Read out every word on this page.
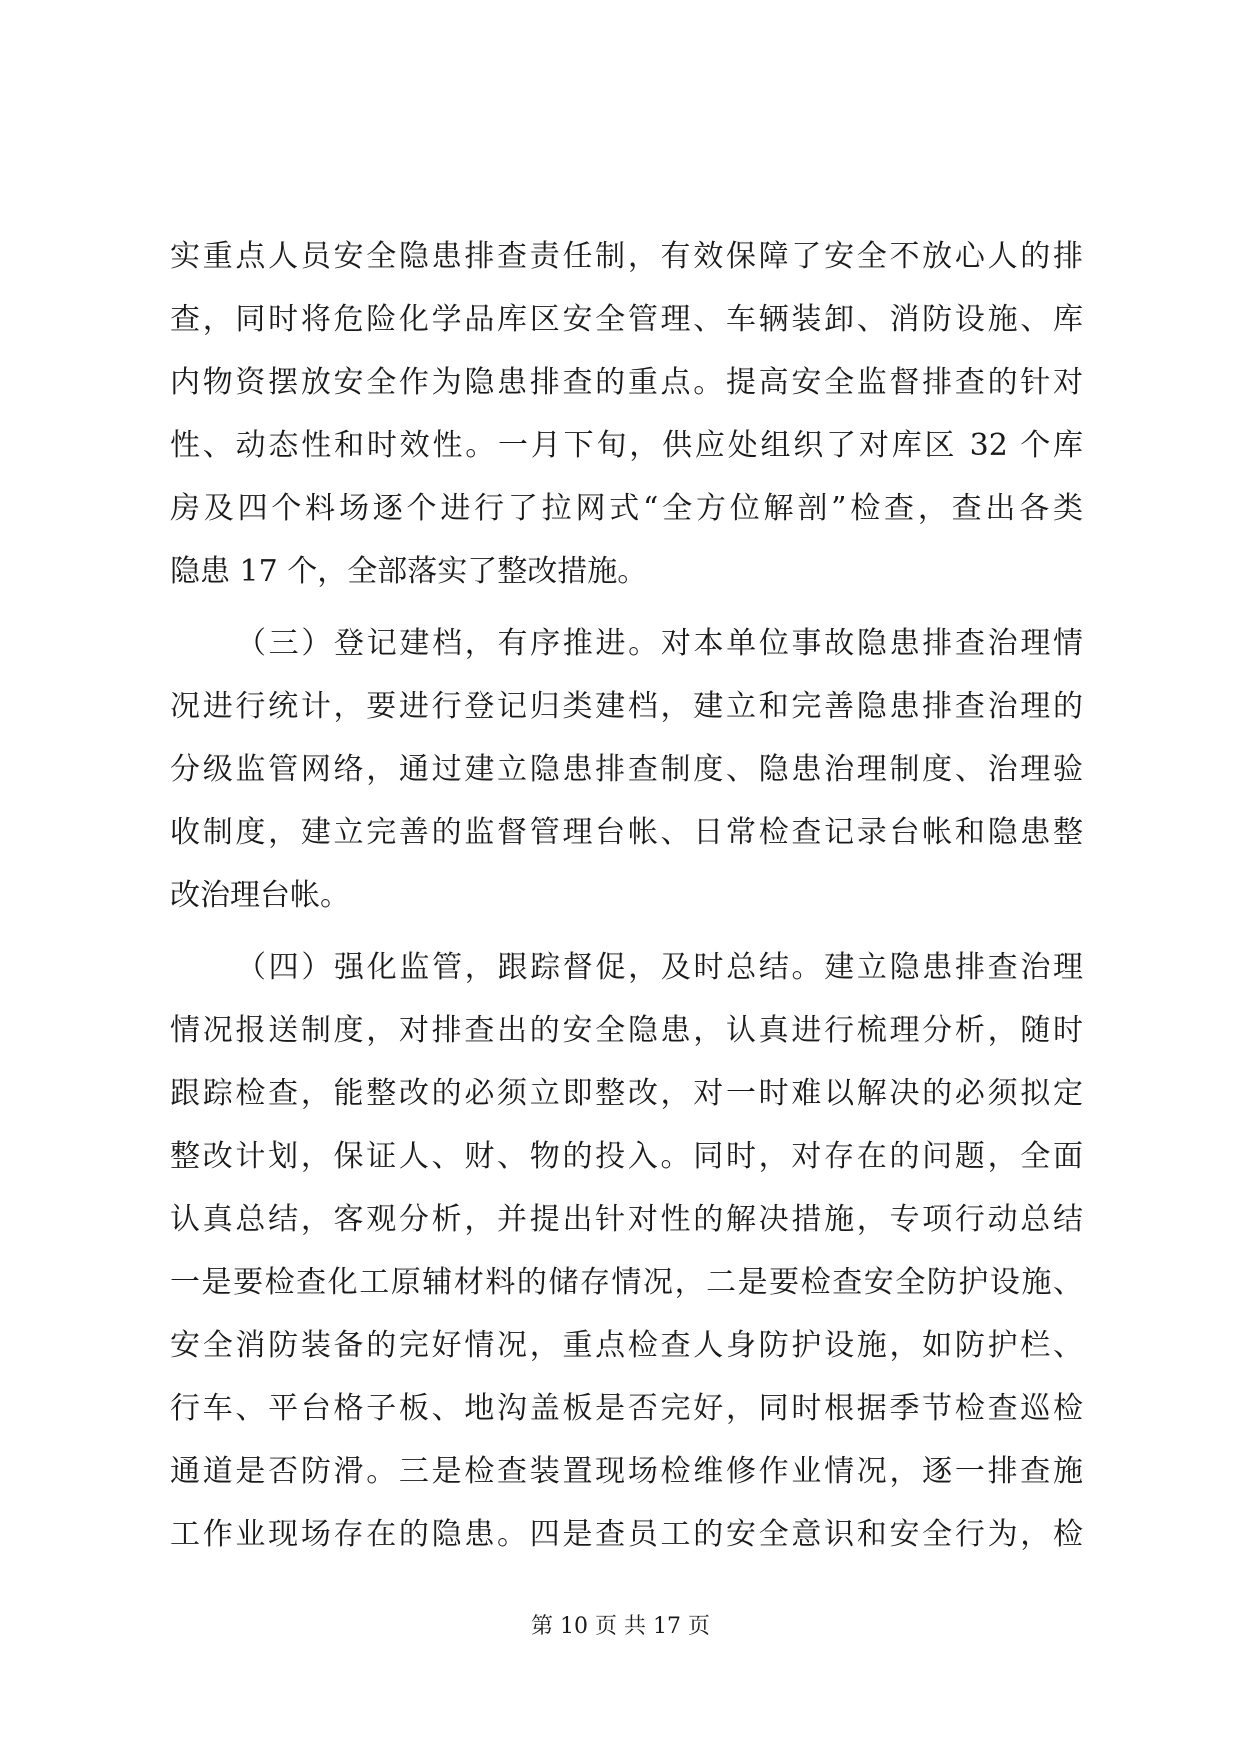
实重点人员安全隐患排查责任制，有效保障了安全不放心人的排
查，同时将危险化学品库区安全管理、车辆装卸、消防设施、库
内物资摆放安全作为隐患排查的重点。提高安全监督排查的针对
性、动态性和时效性。一月下旬，供应处组织了对库区 32 个库
房及四个料场逐个进行了拉网式“全方位解剖”检查，查出各类
隐患 17 个，全部落实了整改措施。
（三）登记建档，有序推进。对本单位事故隐患排查治理情
况进行统计，要进行登记归类建档，建立和完善隐患排查治理的
分级监管网络，通过建立隐患排查制度、隐患治理制度、治理验
收制度，建立完善的监督管理台帐、日常检查记录台帐和隐患整
改治理台帐。
（四）强化监管，跟踪督促，及时总结。建立隐患排查治理
情况报送制度，对排查出的安全隐患，认真进行梳理分析，随时
跟踪检查，能整改的必须立即整改，对一时难以解决的必须拟定
整改计划，保证人、财、物的投入。同时，对存在的问题，全面
认真总结，客观分析，并提出针对性的解决措施，专项行动总结
一是要检查化工原辅材料的储存情况，二是要检查安全防护设施、
安全消防装备的完好情况，重点检查人身防护设施，如防护栏、
行车、平台格子板、地沟盖板是否完好，同时根据季节检查巡检
通道是否防滑。三是检查装置现场检维修作业情况，逐一排查施
工作业现场存在的隐患。四是查员工的安全意识和安全行为，检
第 10 页 共 17 页
